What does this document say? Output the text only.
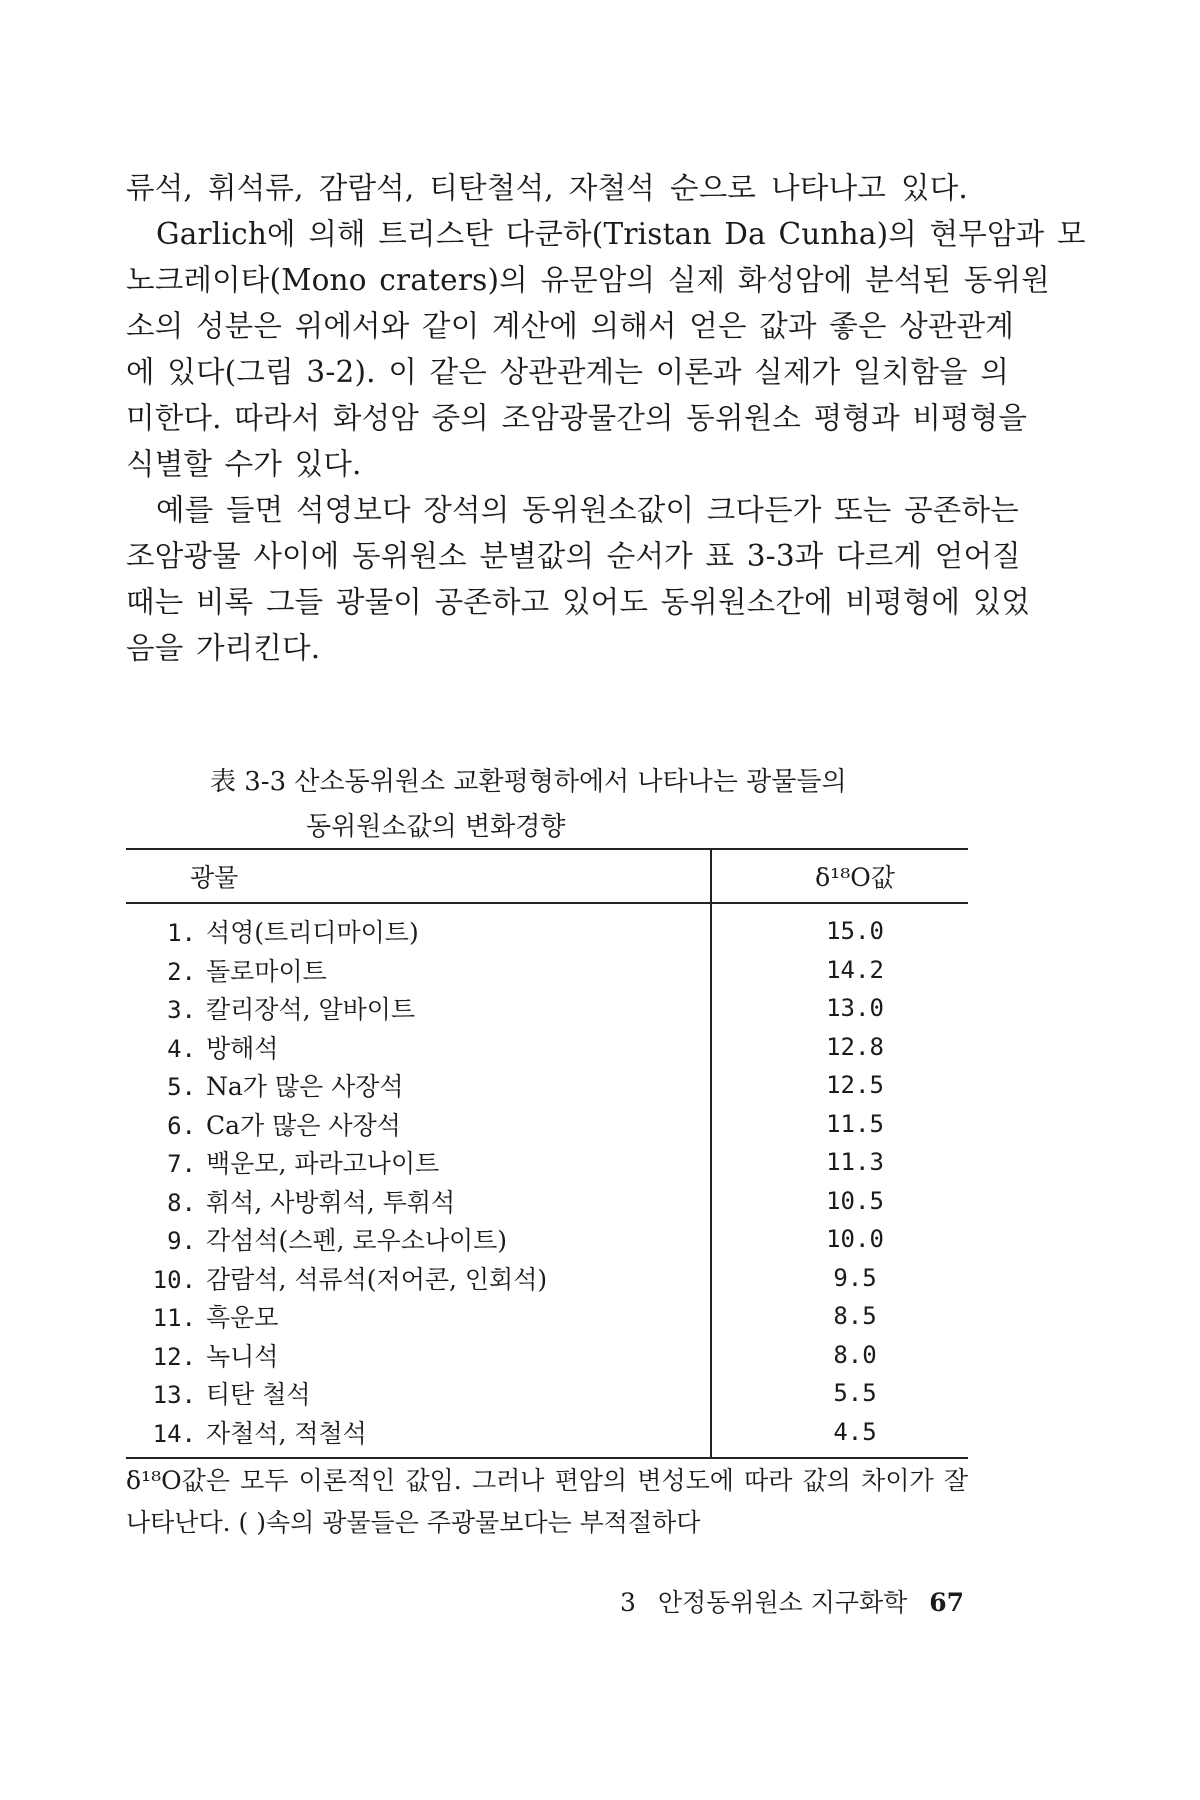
류석, 휘석류, 감람석, 티탄철석, 자철석 순으로 나타나고 있다.
Garlich에 의해 트리스탄 다쿤하(Tristan Da Cunha)의 현무암과 모
노크레이타(Mono craters)의 유문암의 실제 화성암에 분석된 동위원
소의 성분은 위에서와 같이 계산에 의해서 얻은 값과 좋은 상관관계
에 있다(그림 3-2). 이 같은 상관관계는 이론과 실제가 일치함을 의
미한다. 따라서 화성암 중의 조암광물간의 동위원소 평형과 비평형을
식별할 수가 있다.
예를 들면 석영보다 장석의 동위원소값이 크다든가 또는 공존하는
조암광물 사이에 동위원소 분별값의 순서가 표 3-3과 다르게 얻어질
때는 비록 그들 광물이 공존하고 있어도 동위원소간에 비평형에 있었
음을 가리킨다.
表 3-3 산소동위원소 교환평형하에서 나타나는 광물들의
동위원소값의 변화경향
광물	δ¹⁸O값
1. 석영(트리디마이트)	15.0
2. 돌로마이트	14.2
3. 칼리장석, 알바이트	13.0
4. 방해석	12.8
5. Na가 많은 사장석	12.5
6. Ca가 많은 사장석	11.5
7. 백운모, 파라고나이트	11.3
8. 휘석, 사방휘석, 투휘석	10.5
9. 각섬석(스펜, 로우소나이트)	10.0
10. 감람석, 석류석(저어콘, 인회석)	9.5
11. 흑운모	8.5
12. 녹니석	8.0
13. 티탄 철석	5.5
14. 자철석, 적철석	4.5
δ¹⁸O값은 모두 이론적인 값임. 그러나 편암의 변성도에 따라 값의 차이가 잘
나타난다. ( )속의 광물들은 주광물보다는 부적절하다
3 안정동위원소 지구화학 67
